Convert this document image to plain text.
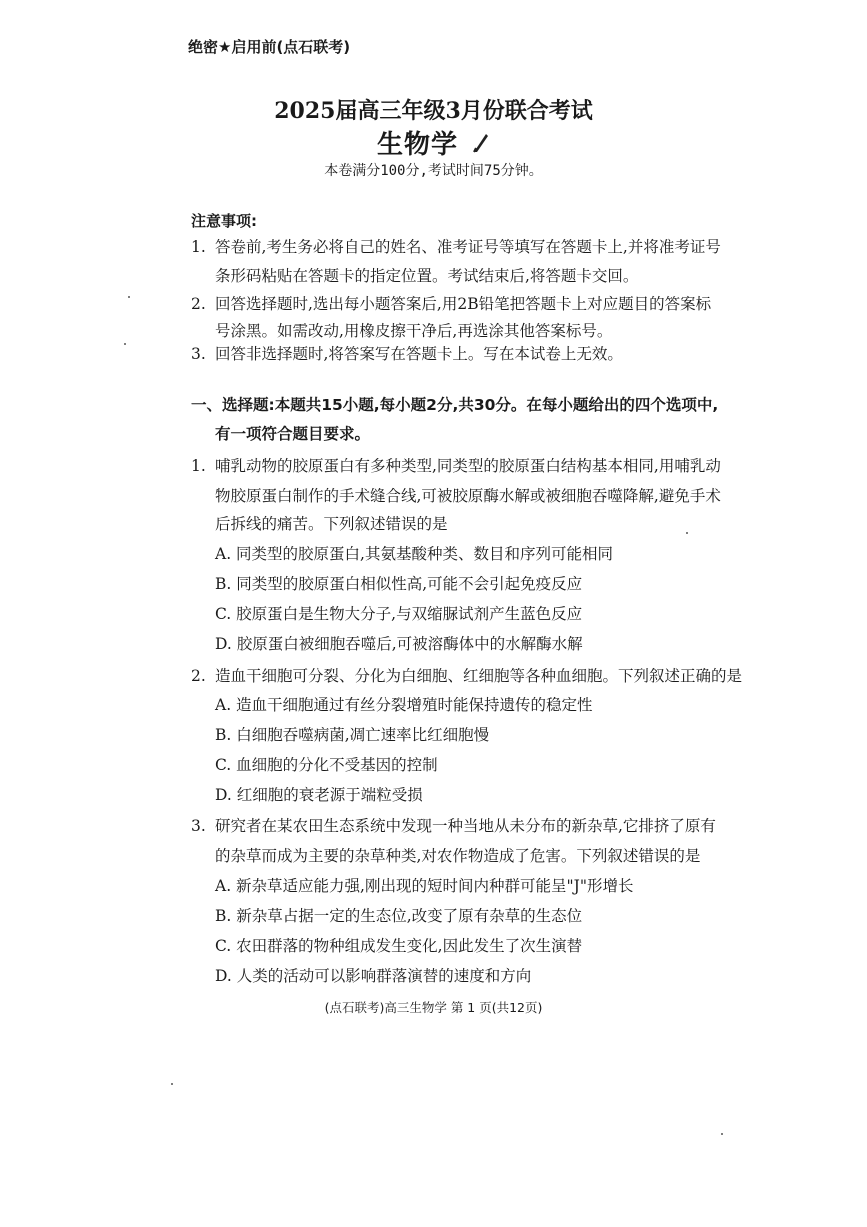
绝密★启用前(点石联考)
2025届高三年级3月份联合考试
生物学
本卷满分100分,考试时间75分钟。
注意事项:
1. 答卷前,考生务必将自己的姓名、准考证号等填写在答题卡上,并将准考证号
条形码粘贴在答题卡的指定位置。考试结束后,将答题卡交回。
2. 回答选择题时,选出每小题答案后,用2B铅笔把答题卡上对应题目的答案标
号涂黑。如需改动,用橡皮擦干净后,再选涂其他答案标号。
3. 回答非选择题时,将答案写在答题卡上。写在本试卷上无效。
一、选择题:本题共15小题,每小题2分,共30分。在每小题给出的四个选项中,
有一项符合题目要求。
1. 哺乳动物的胶原蛋白有多种类型,同类型的胶原蛋白结构基本相同,用哺乳动
物胶原蛋白制作的手术缝合线,可被胶原酶水解或被细胞吞噬降解,避免手术
后拆线的痛苦。下列叙述错误的是
A. 同类型的胶原蛋白,其氨基酸种类、数目和序列可能相同
B. 同类型的胶原蛋白相似性高,可能不会引起免疫反应
C. 胶原蛋白是生物大分子,与双缩脲试剂产生蓝色反应
D. 胶原蛋白被细胞吞噬后,可被溶酶体中的水解酶水解
2. 造血干细胞可分裂、分化为白细胞、红细胞等各种血细胞。下列叙述正确的是
A. 造血干细胞通过有丝分裂增殖时能保持遗传的稳定性
B. 白细胞吞噬病菌,凋亡速率比红细胞慢
C. 血细胞的分化不受基因的控制
D. 红细胞的衰老源于端粒受损
3. 研究者在某农田生态系统中发现一种当地从未分布的新杂草,它排挤了原有
的杂草而成为主要的杂草种类,对农作物造成了危害。下列叙述错误的是
A. 新杂草适应能力强,刚出现的短时间内种群可能呈"J"形增长
B. 新杂草占据一定的生态位,改变了原有杂草的生态位
C. 农田群落的物种组成发生变化,因此发生了次生演替
D. 人类的活动可以影响群落演替的速度和方向
(点石联考)高三生物学 第 1 页(共12页)
